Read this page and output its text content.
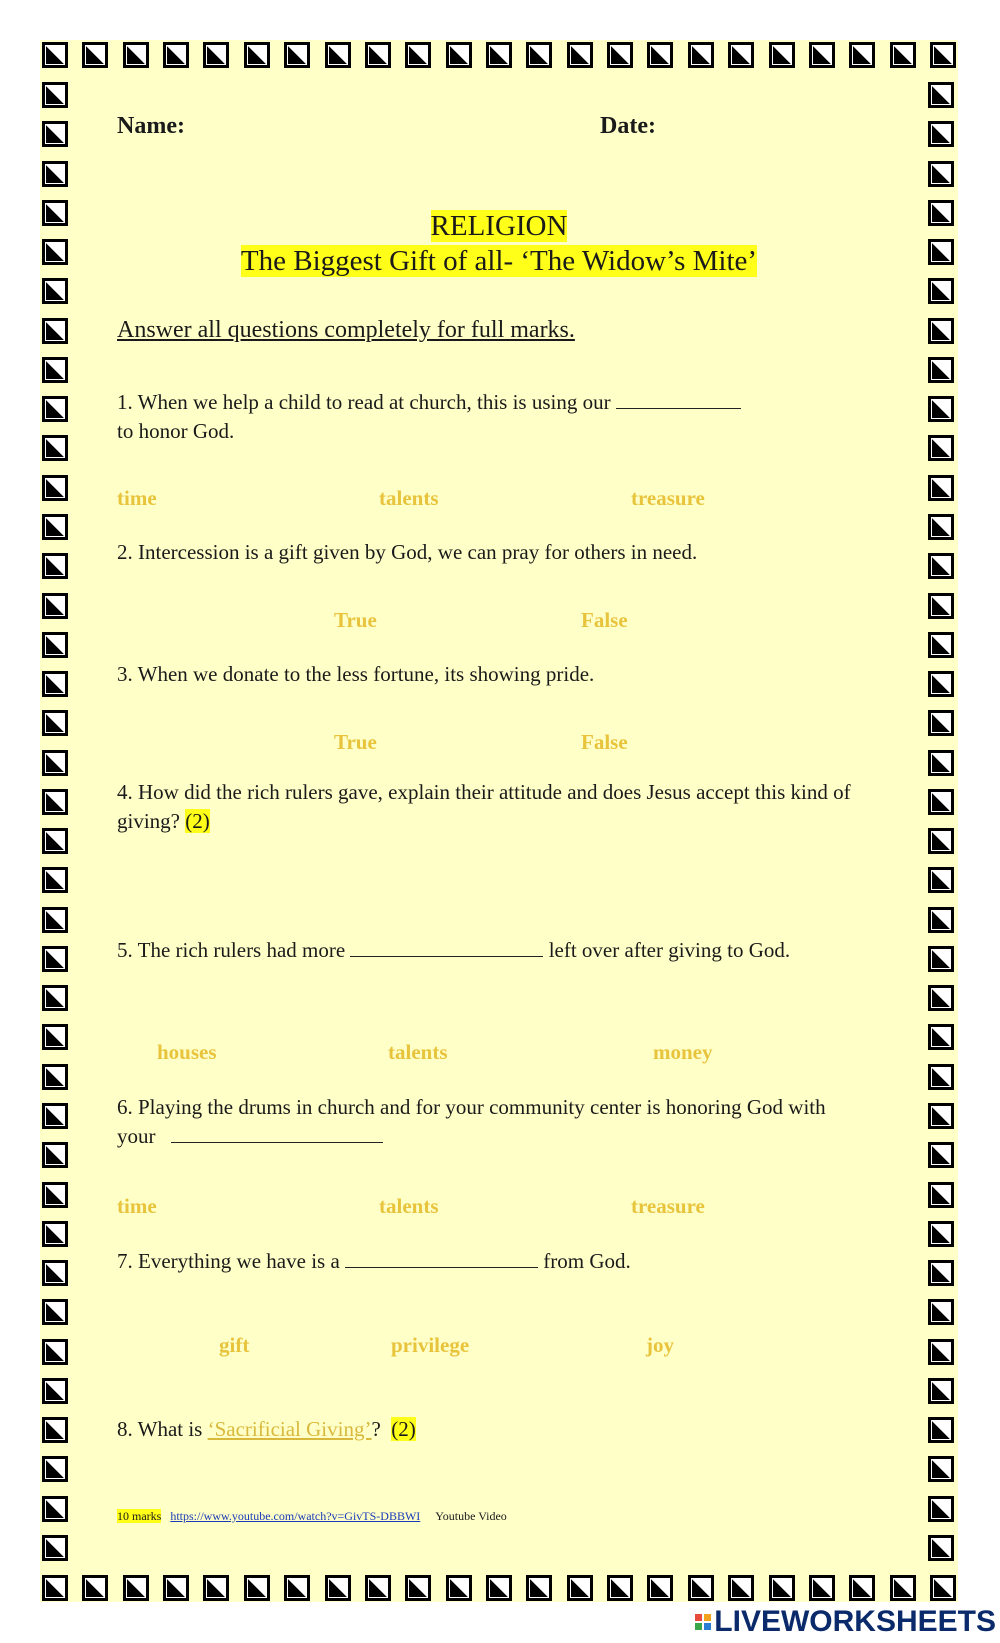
Name:	Date:
RELIGION
The Biggest Gift of all- ‘The Widow’s Mite’
Answer all questions completely for full marks.
1. When we help a child to read at church, this is using our
to honor God.
time	talents	treasure
2. Intercession is a gift given by God, we can pray for others in need.
True	False
3. When we donate to the less fortune, its showing pride.
True	False
4. How did the rich rulers gave, explain their attitude and does Jesus accept this kind of giving? (2)
5. The rich rulers had more	left over after giving to God.
houses	talents	money
6. Playing the drums in church and for your community center is honoring God with your
time	talents	treasure
7. Everything we have is a	from God.
gift	privilege	joy
8. What is ‘Sacrificial Giving’? (2)
10 marks https://www.youtube.com/watch?v=GivTS-DBBWI Youtube Video
LIVEWORKSHEETS
